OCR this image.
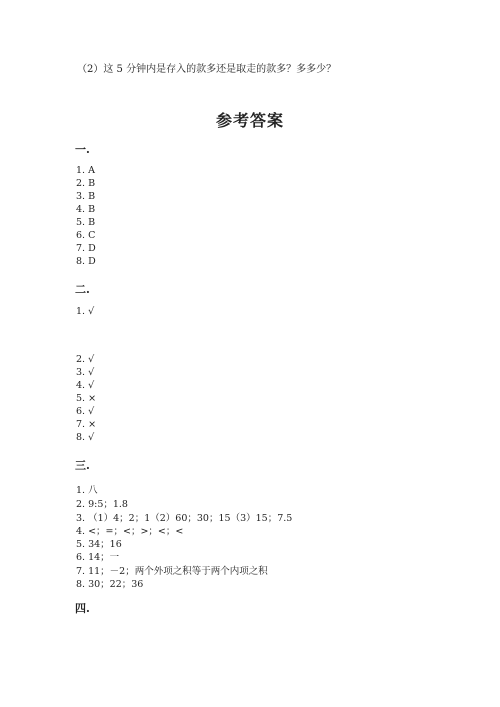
（2）这 5 分钟内是存入的款多还是取走的款多？多多少？
参考答案
一.
1. A
2. B
3. B
4. B
5. B
6. C
7. D
8. D
二.
1. √
2. √
3. √
4. √
5. ×
6. √
7. ×
8. √
三.
1. 八
2. 9:5；1.8
3. （1）4；2；1（2）60；30；15（3）15；7.5
4. <；=；<；>；<；<
5. 34；16
6. 14；一
7. 11；－2；两个外项之积等于两个内项之积
8. 30；22；36
四.
